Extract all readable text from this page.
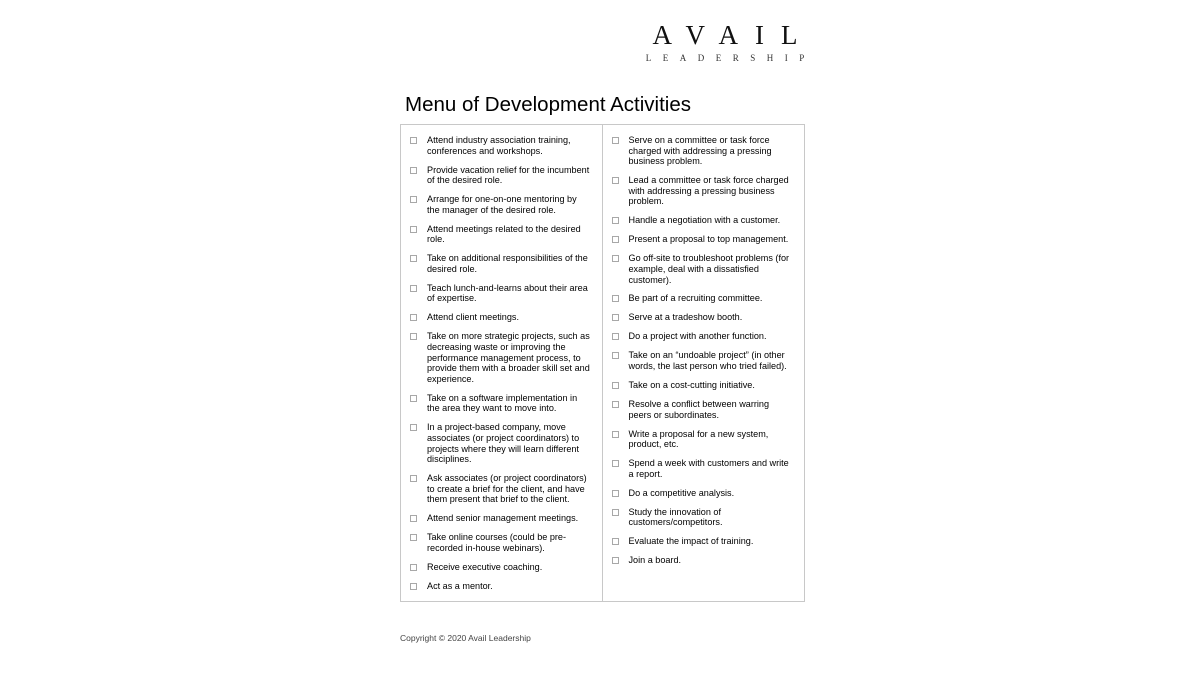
AVAIL
LEADERSHIP
Menu of Development Activities
Attend industry association training, conferences and workshops.
Provide vacation relief for the incumbent of the desired role.
Arrange for one-on-one mentoring by the manager of the desired role.
Attend meetings related to the desired role.
Take on additional responsibilities of the desired role.
Teach lunch-and-learns about their area of expertise.
Attend client meetings.
Take on more strategic projects, such as decreasing waste or improving the performance management process, to provide them with a broader skill set and experience.
Take on a software implementation in the area they want to move into.
In a project-based company, move associates (or project coordinators) to projects where they will learn different disciplines.
Ask associates (or project coordinators) to create a brief for the client, and have them present that brief to the client.
Attend senior management meetings.
Take online courses (could be pre-recorded in-house webinars).
Receive executive coaching.
Act as a mentor.
Serve on a committee or task force charged with addressing a pressing business problem.
Lead a committee or task force charged with addressing a pressing business problem.
Handle a negotiation with a customer.
Present a proposal to top management.
Go off-site to troubleshoot problems (for example, deal with a dissatisfied customer).
Be part of a recruiting committee.
Serve at a tradeshow booth.
Do a project with another function.
Take on an “undoable project” (in other words, the last person who tried failed).
Take on a cost-cutting initiative.
Resolve a conflict between warring peers or subordinates.
Write a proposal for a new system, product, etc.
Spend a week with customers and write a report.
Do a competitive analysis.
Study the innovation of customers/competitors.
Evaluate the impact of training.
Join a board.
Copyright © 2020 Avail Leadership
